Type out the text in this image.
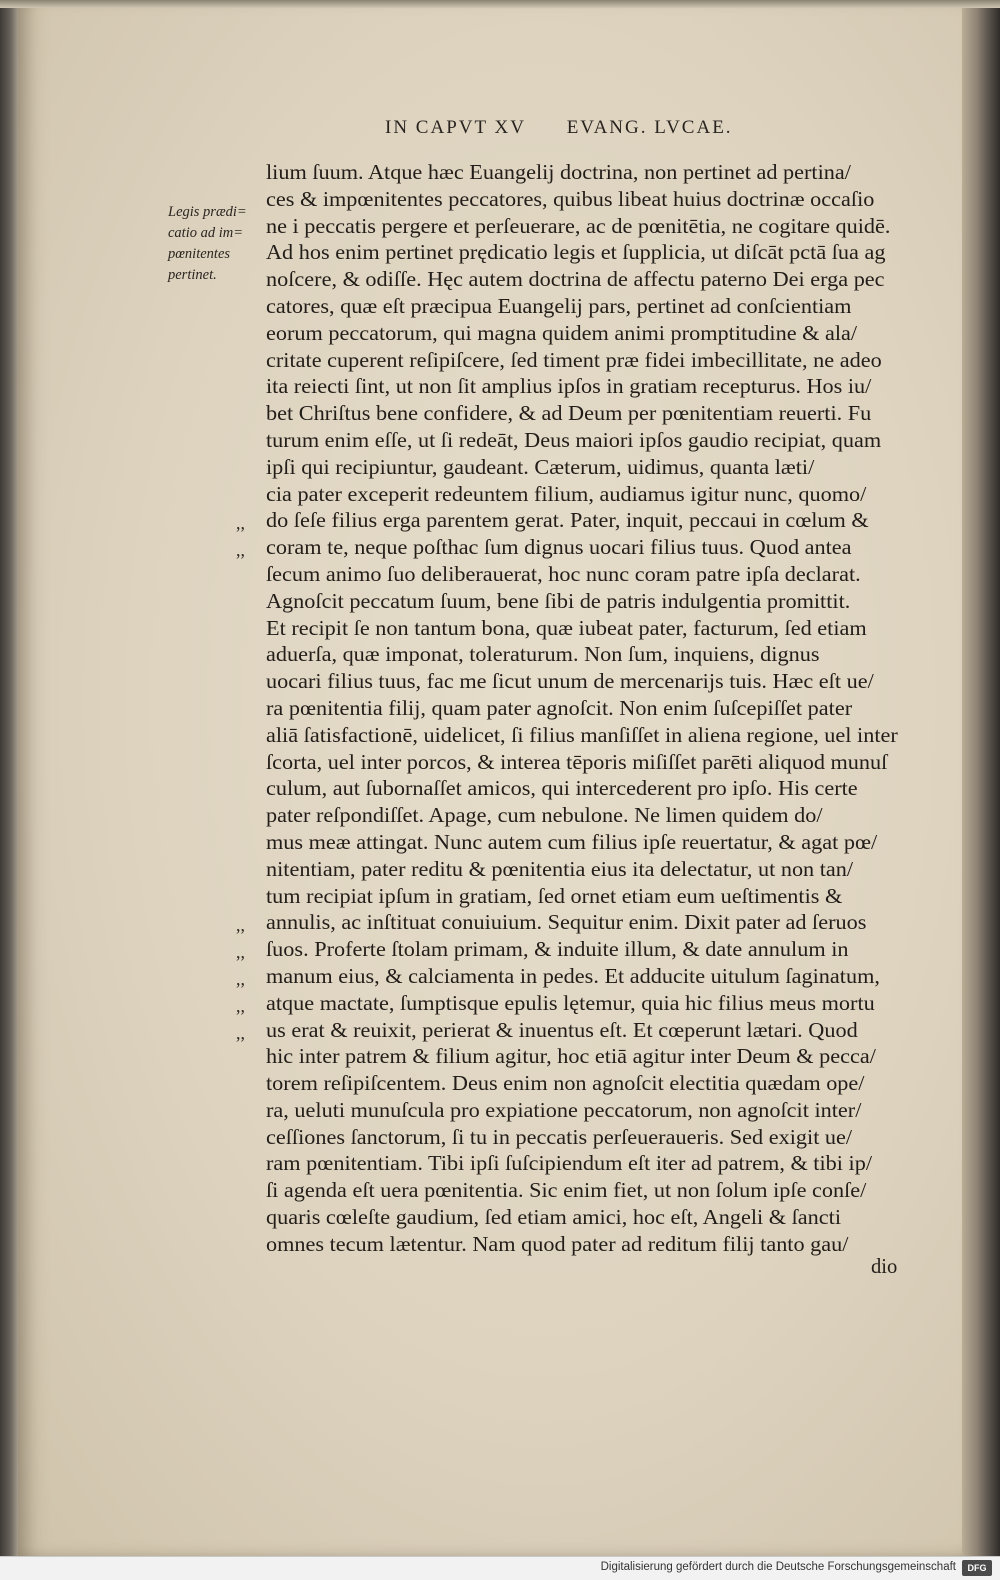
IN CAPVT XV EVANG. LVCAE.
Legis prædi=
catio ad im=
pœnitentes
pertinet.
lium ſuum. Atque hæc Euangelij doctrina, non pertinet ad pertina/
ces & impœnitentes peccatores, quibus libeat huius doctrinæ occaſio
ne i peccatis pergere et perſeuerare, ac de pœnitētia, ne cogitare quidē.
Ad hos enim pertinet prędicatio legis et ſupplicia, ut diſcāt pctā ſua ag
noſcere, & odiſſe. Hęc autem doctrina de affectu paterno Dei erga pec
catores, quæ eſt præcipua Euangelij pars, pertinet ad conſcientiam
eorum peccatorum, qui magna quidem animi promptitudine & ala/
critate cuperent reſipiſcere, ſed timent præ fidei imbecillitate, ne adeo
ita reiecti ſint, ut non ſit amplius ipſos in gratiam recepturus. Hos iu/
bet Chriſtus bene confidere, & ad Deum per pœnitentiam reuerti. Fu
turum enim eſſe, ut ſi redeāt, Deus maiori ipſos gaudio recipiat, quam
ipſi qui recipiuntur, gaudeant. Cæterum, uidimus, quanta læti/
cia pater exceperit redeuntem filium, audiamus igitur nunc, quomo/
,, do ſeſe filius erga parentem gerat. Pater, inquit, peccaui in cœlum &
,, coram te, neque poſthac ſum dignus uocari filius tuus. Quod antea
ſecum animo ſuo deliberauerat, hoc nunc coram patre ipſa declarat.
Agnoſcit peccatum ſuum, bene ſibi de patris indulgentia promittit.
Et recipit ſe non tantum bona, quæ iubeat pater, facturum, ſed etiam
aduerſa, quæ imponat, toleraturum. Non ſum, inquiens, dignus
uocari filius tuus, fac me ſicut unum de mercenarijs tuis. Hæc eſt ue/
ra pœnitentia filij, quam pater agnoſcit. Non enim ſuſcepiſſet pater
aliā ſatisfactionē, uidelicet, ſi filius manſiſſet in aliena regione, uel inter
ſcorta, uel inter porcos, & interea tēporis miſiſſet parēti aliquod munuſ
culum, aut ſubornaſſet amicos, qui intercederent pro ipſo. His certe
pater reſpondiſſet. Apage, cum nebulone. Ne limen quidem do/
mus meæ attingat. Nunc autem cum filius ipſe reuertatur, & agat pœ/
nitentiam, pater reditu & pœnitentia eius ita delectatur, ut non tan/
tum recipiat ipſum in gratiam, ſed ornet etiam eum ueſtimentis &
,, annulis, ac inſtituat conuiuium. Sequitur enim. Dixit pater ad ſeruos
,, ſuos. Proferte ſtolam primam, & induite illum, & date annulum in
,, manum eius, & calciamenta in pedes. Et adducite uitulum ſaginatum,
,, atque mactate, ſumptisque epulis lętemur, quia hic filius meus mortu
,, us erat & reuixit, perierat & inuentus eſt. Et cœperunt lætari. Quod
hic inter patrem & filium agitur, hoc etiā agitur inter Deum & pecca/
torem reſipiſcentem. Deus enim non agnoſcit electitia quædam ope/
ra, ueluti munuſcula pro expiatione peccatorum, non agnoſcit inter/
ceſſiones ſanctorum, ſi tu in peccatis perſeueraueris. Sed exigit ue/
ram pœnitentiam. Tibi ipſi ſuſcipiendum eſt iter ad patrem, & tibi ip/
ſi agenda eſt uera pœnitentia. Sic enim fiet, ut non ſolum ipſe conſe/
quaris cœleſte gaudium, ſed etiam amici, hoc eſt, Angeli & ſancti
omnes tecum lætentur. Nam quod pater ad reditum filij tanto gau/
dio
Digitalisierung gefördert durch die Deutsche Forschungsgemeinschaft	DFG
